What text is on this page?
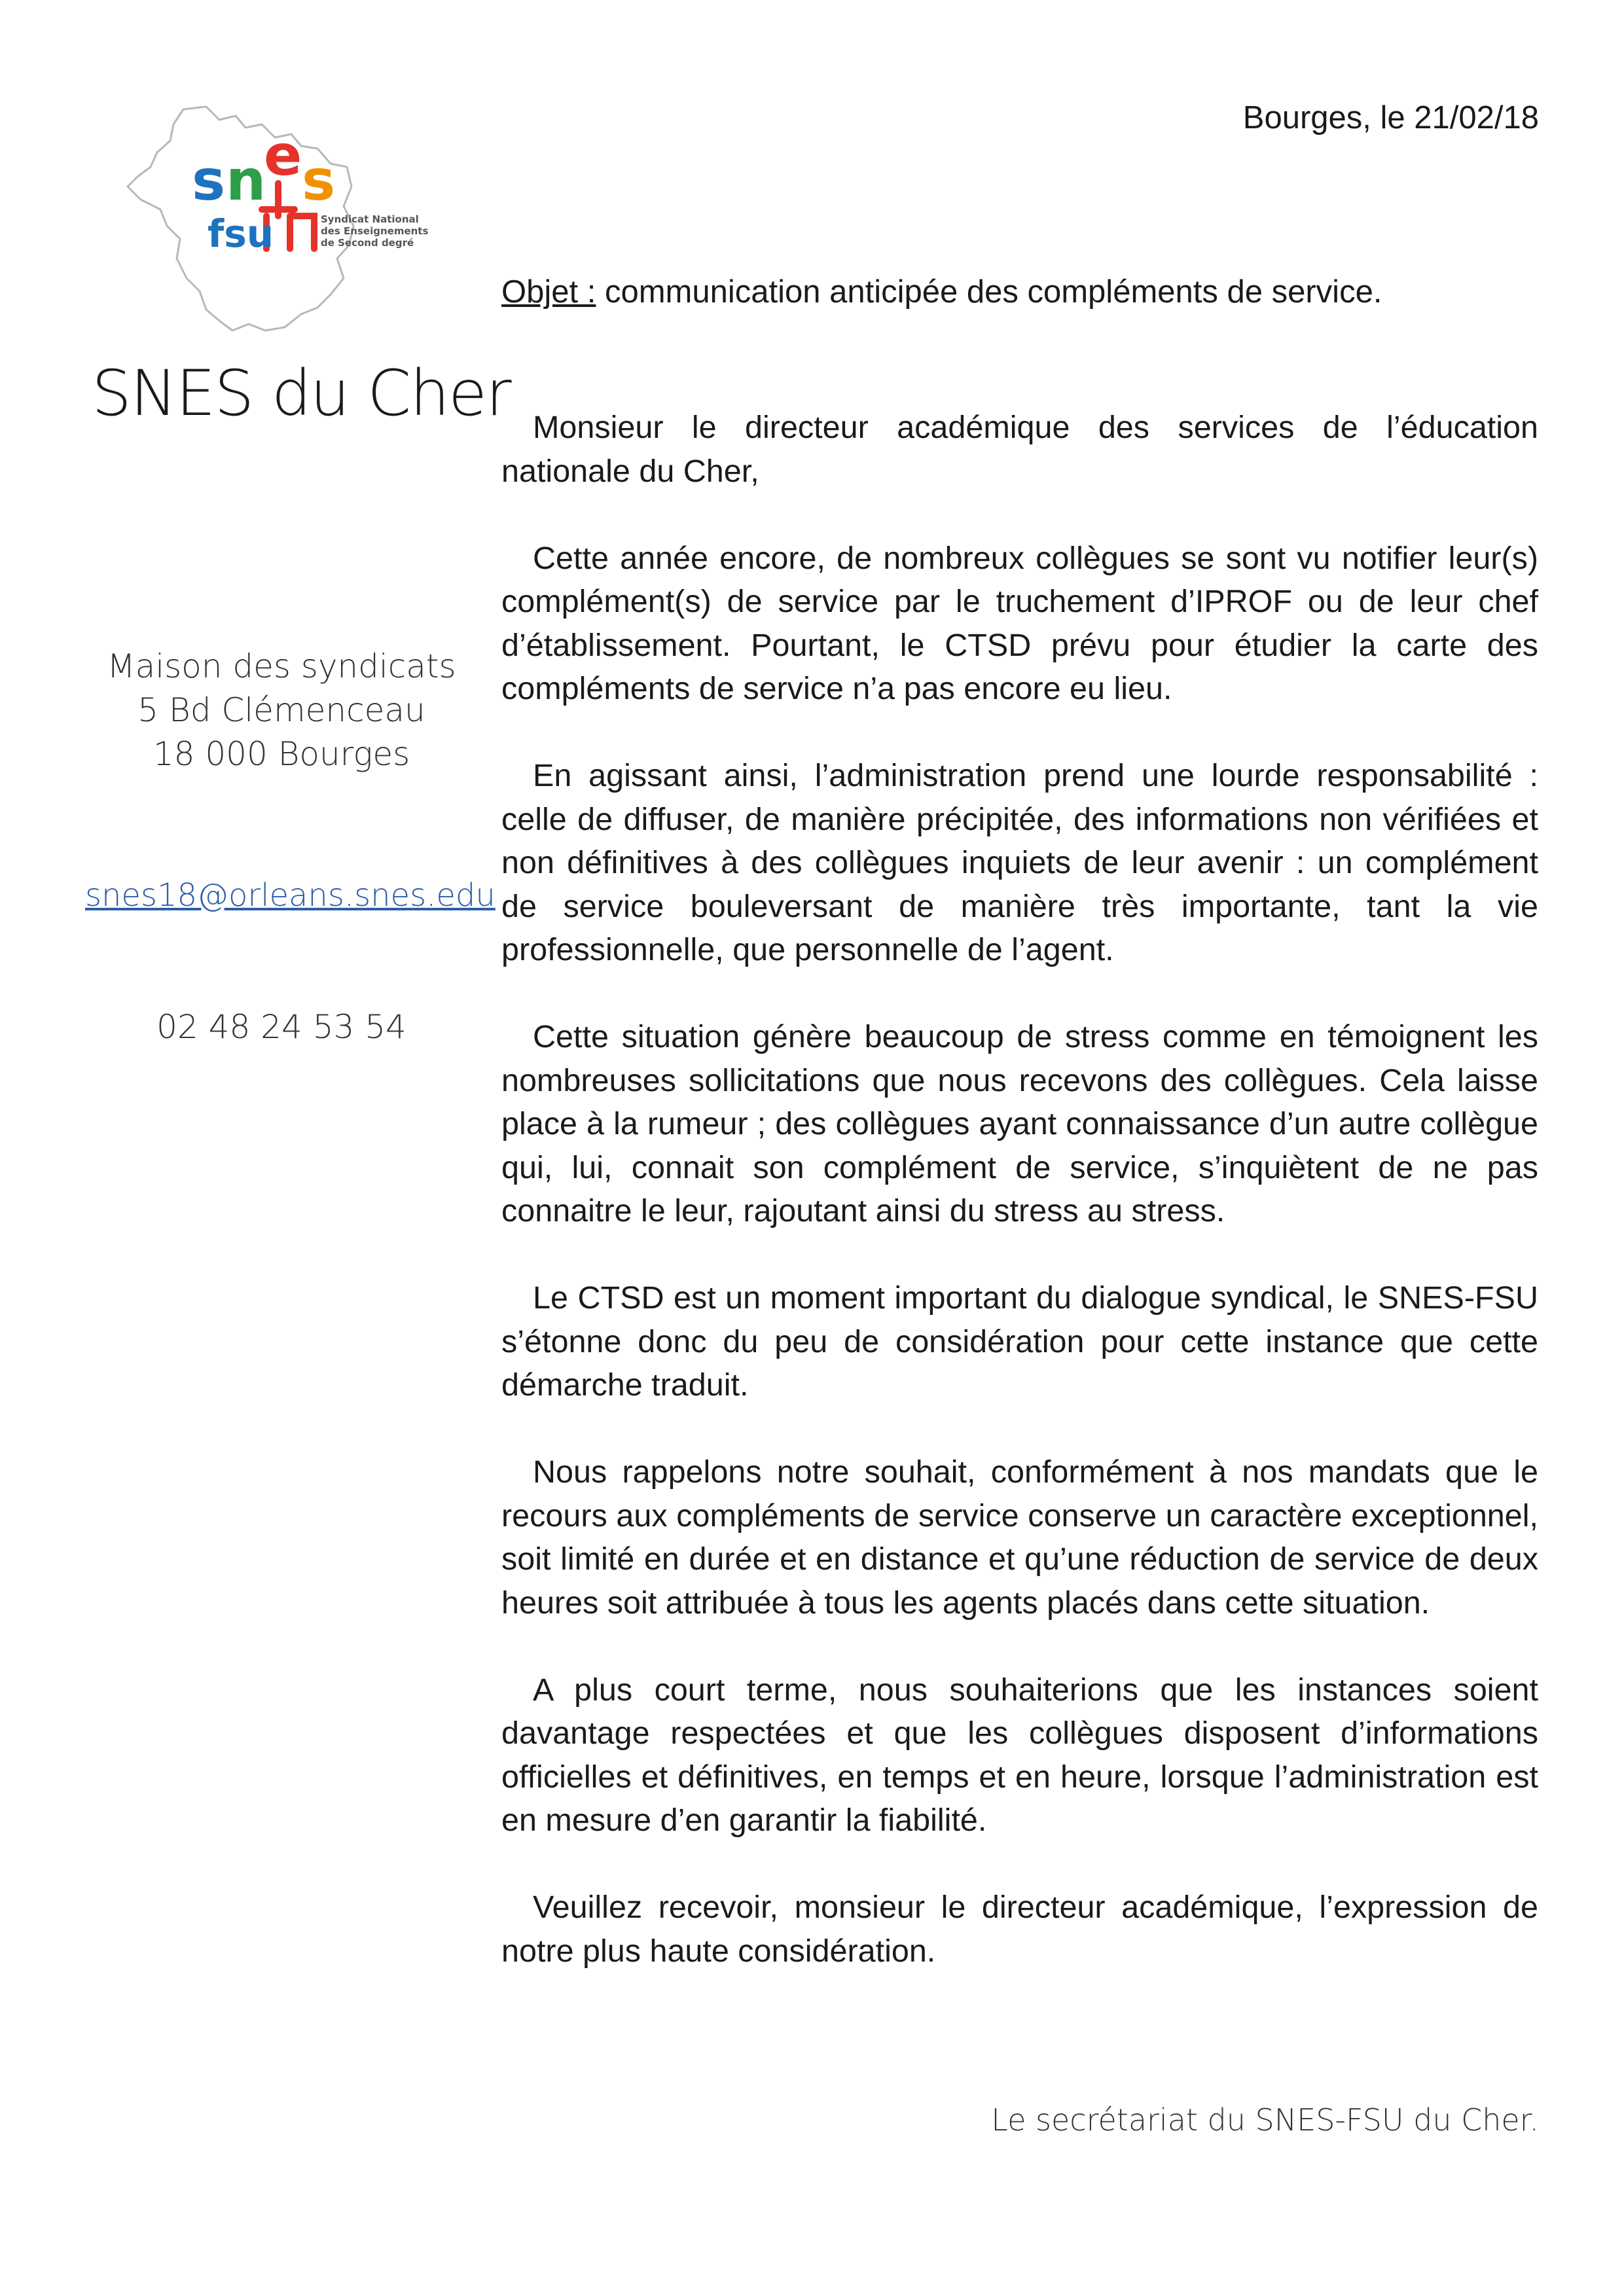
s n
e s
fsu	Syndicat National
des Enseignements
de Second degré
SNES du Cher
Maison des syndicats
5 Bd Clémenceau
18 000 Bourges
snes18@orleans.snes.edu
02 48 24 53 54
Bourges, le 21/02/18
Objet : communication anticipée des compléments de service.

Monsieur le directeur académique des services de l’éducation nationale du Cher,

Cette année encore, de nombreux collègues se sont vu notifier leur(s) complément(s) de service par le truchement d’IPROF ou de leur chef d’établissement. Pourtant, le CTSD prévu pour étudier la carte des compléments de service n’a pas encore eu lieu.

En agissant ainsi, l’administration prend une lourde responsabilité : celle de diffuser, de manière précipitée, des informations non vérifiées et non définitives à des collègues inquiets de leur avenir : un complément de service bouleversant de manière très importante, tant la vie professionnelle, que personnelle de l’agent.

Cette situation génère beaucoup de stress comme en témoignent les nombreuses sollicitations que nous recevons des collègues. Cela laisse place à la rumeur ; des collègues ayant connaissance d’un autre collègue qui, lui, connait son complément de service, s’inquiètent de ne pas connaitre le leur, rajoutant ainsi du stress au stress.

Le CTSD est un moment important du dialogue syndical, le SNES-FSU s’étonne donc du peu de considération pour cette instance que cette démarche traduit.

Nous rappelons notre souhait, conformément à nos mandats que le recours aux compléments de service conserve un caractère exceptionnel, soit limité en durée et en distance et qu’une réduction de service de deux heures soit attribuée à tous les agents placés dans cette situation.

A plus court terme, nous souhaiterions que les instances soient davantage respectées et que les collègues disposent d’informations officielles et définitives, en temps et en heure, lorsque l’administration est en mesure d’en garantir la fiabilité.

Veuillez recevoir, monsieur le directeur académique, l’expression de notre plus haute considération.

Le secrétariat du SNES-FSU du Cher.
